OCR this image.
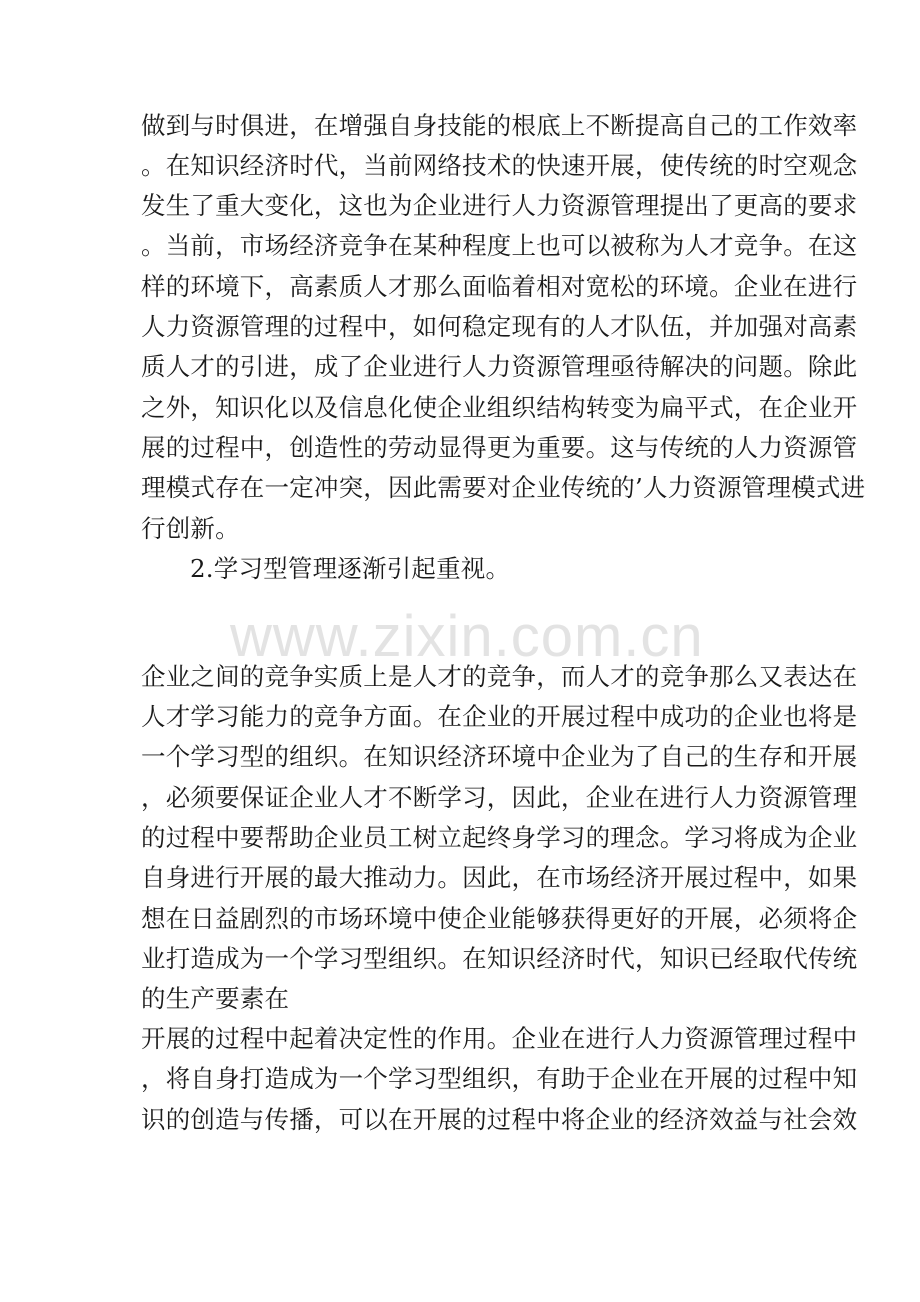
www.zixin.com.cn
做到与时俱进，在增强自身技能的根底上不断提高自己的工作效率
。在知识经济时代，当前网络技术的快速开展，使传统的时空观念
发生了重大变化，这也为企业进行人力资源管理提出了更高的要求
。当前，市场经济竞争在某种程度上也可以被称为人才竞争。在这
样的环境下，高素质人才那么面临着相对宽松的环境。企业在进行
人力资源管理的过程中，如何稳定现有的人才队伍，并加强对高素
质人才的引进，成了企业进行人力资源管理亟待解决的问题。除此
之外，知识化以及信息化使企业组织结构转变为扁平式，在企业开
展的过程中，创造性的劳动显得更为重要。这与传统的人力资源管
理模式存在一定冲突，因此需要对企业传统的’人力资源管理模式进
行创新。
2.学习型管理逐渐引起重视。
企业之间的竞争实质上是人才的竞争，而人才的竞争那么又表达在
人才学习能力的竞争方面。在企业的开展过程中成功的企业也将是
一个学习型的组织。在知识经济环境中企业为了自己的生存和开展
，必须要保证企业人才不断学习，因此，企业在进行人力资源管理
的过程中要帮助企业员工树立起终身学习的理念。学习将成为企业
自身进行开展的最大推动力。因此，在市场经济开展过程中，如果
想在日益剧烈的市场环境中使企业能够获得更好的开展，必须将企
业打造成为一个学习型组织。在知识经济时代，知识已经取代传统
的生产要素在
开展的过程中起着决定性的作用。企业在进行人力资源管理过程中
，将自身打造成为一个学习型组织，有助于企业在开展的过程中知
识的创造与传播，可以在开展的过程中将企业的经济效益与社会效
